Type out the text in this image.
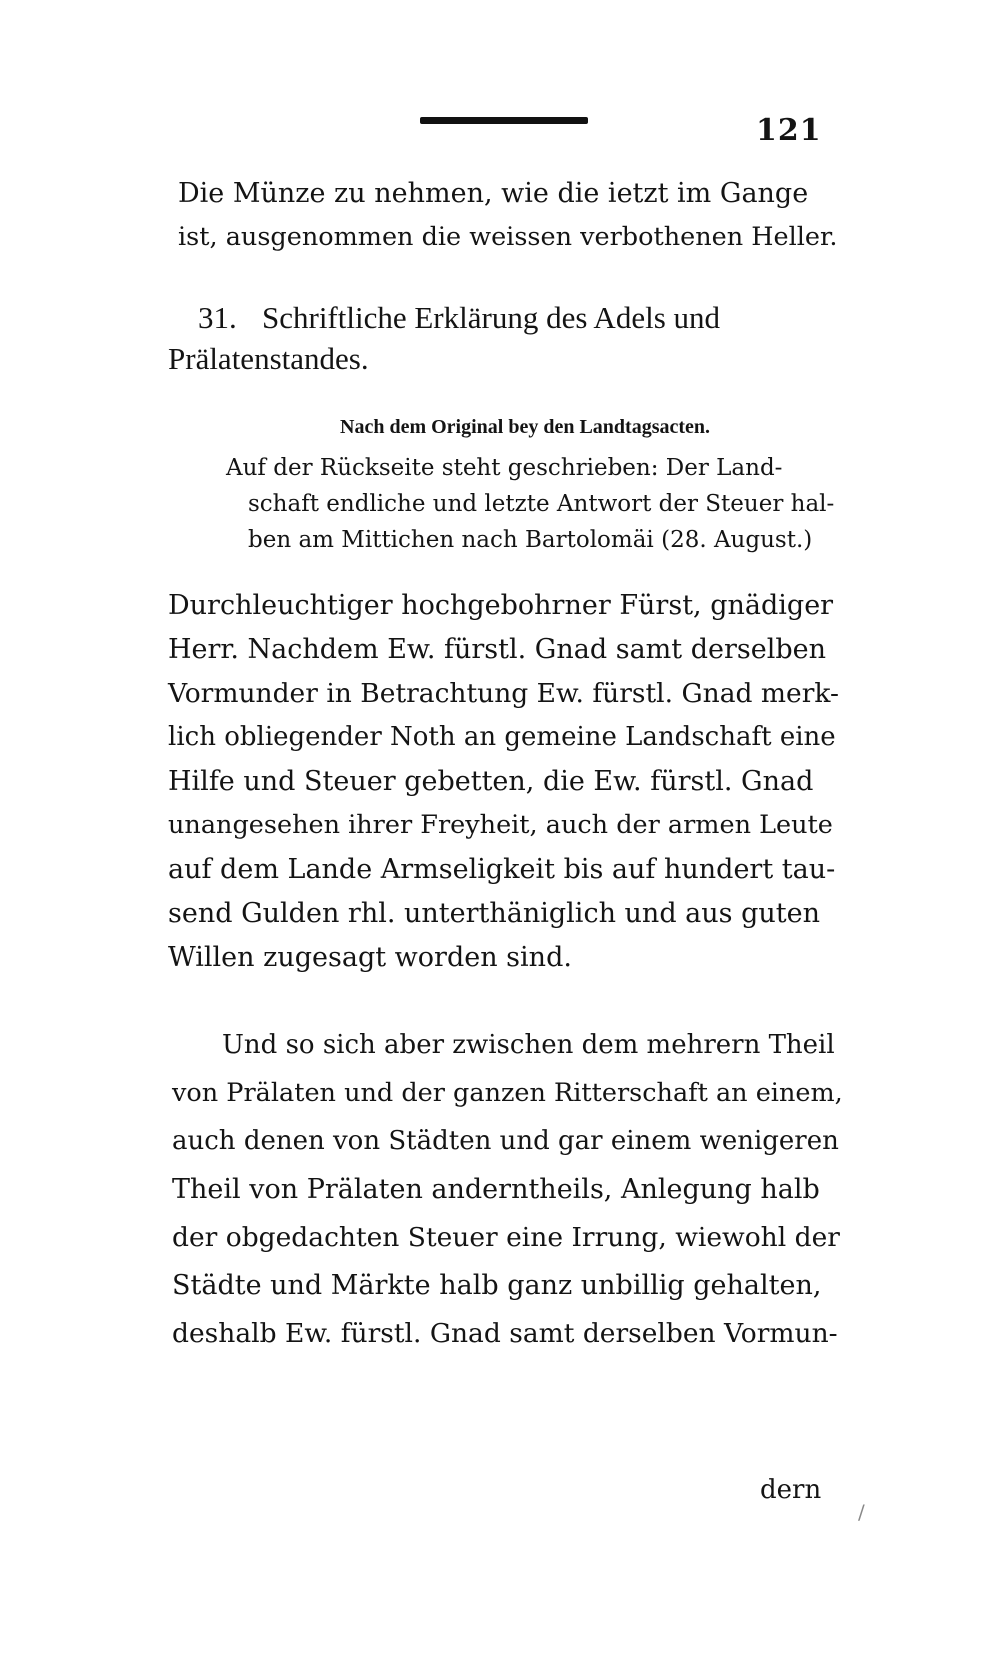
121
Die Münze zu nehmen, wie die ietzt im Gange
ist, ausgenommen die weissen verbothenen Heller.
31. Schriftliche Erklärung des Adels und
Prälatenstandes.
Nach dem Original bey den Landtagsacten.
Auf der Rückseite steht geschrieben: Der Land-
schaft endliche und letzte Antwort der Steuer hal-
ben am Mittichen nach Bartolomäi (28. August.)
Durchleuchtiger hochgebohrner Fürst, gnädiger
Herr. Nachdem Ew. fürstl. Gnad samt derselben
Vormunder in Betrachtung Ew. fürstl. Gnad merk-
lich obliegender Noth an gemeine Landschaft eine
Hilfe und Steuer gebetten, die Ew. fürstl. Gnad
unangesehen ihrer Freyheit, auch der armen Leute
auf dem Lande Armseligkeit bis auf hundert tau-
send Gulden rhl. unterthäniglich und aus guten
Willen zugesagt worden sind.
Und so sich aber zwischen dem mehrern Theil
von Prälaten und der ganzen Ritterschaft an einem,
auch denen von Städten und gar einem wenigeren
Theil von Prälaten anderntheils, Anlegung halb
der obgedachten Steuer eine Irrung, wiewohl der
Städte und Märkte halb ganz unbillig gehalten,
deshalb Ew. fürstl. Gnad samt derselben Vormun-
dern
/
